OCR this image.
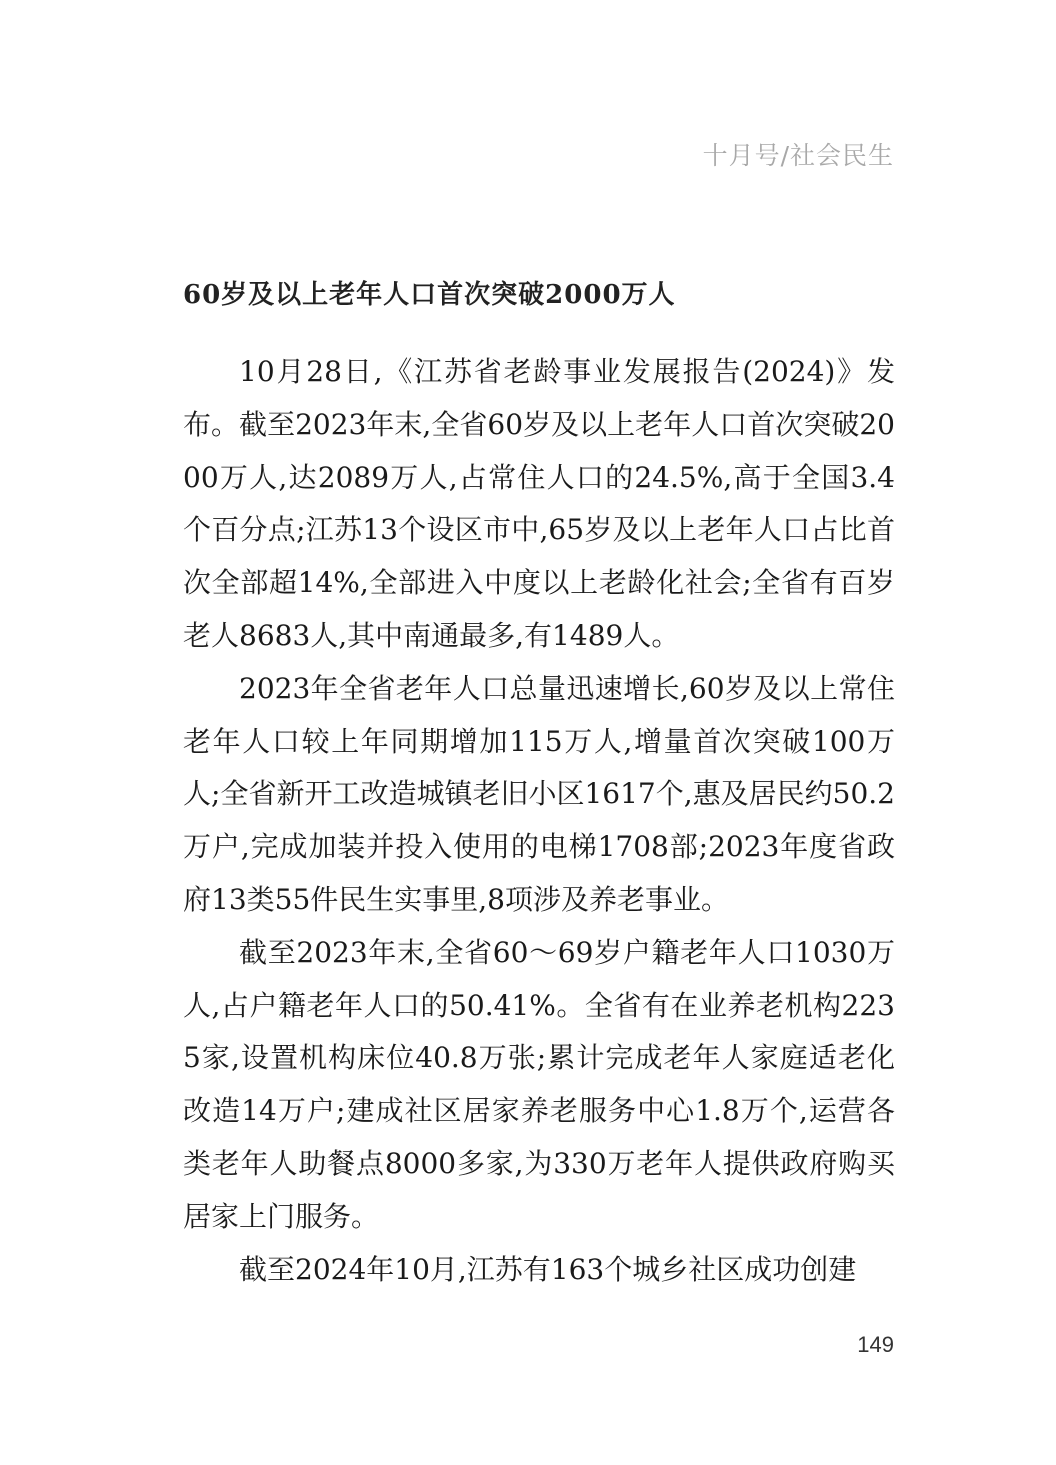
十月号/社会民生
60岁及以上老年人口首次突破2000万人

10月28日,《江苏省老龄事业发展报告(2024)》发布。截至2023年末,全省60岁及以上老年人口首次突破2000万人,达2089万人,占常住人口的24.5%,高于全国3.4个百分点;江苏13个设区市中,65岁及以上老年人口占比首次全部超14%,全部进入中度以上老龄化社会;全省有百岁老人8683人,其中南通最多,有1489人。

2023年全省老年人口总量迅速增长,60岁及以上常住老年人口较上年同期增加115万人,增量首次突破100万人;全省新开工改造城镇老旧小区1617个,惠及居民约50.2万户,完成加装并投入使用的电梯1708部;2023年度省政府13类55件民生实事里,8项涉及养老事业。

截至2023年末,全省60～69岁户籍老年人口1030万人,占户籍老年人口的50.41%。全省有在业养老机构2235家,设置机构床位40.8万张;累计完成老年人家庭适老化改造14万户;建成社区居家养老服务中心1.8万个,运营各类老年人助餐点8000多家,为330万老年人提供政府购买居家上门服务。

截至2024年10月,江苏有163个城乡社区成功创建

149
